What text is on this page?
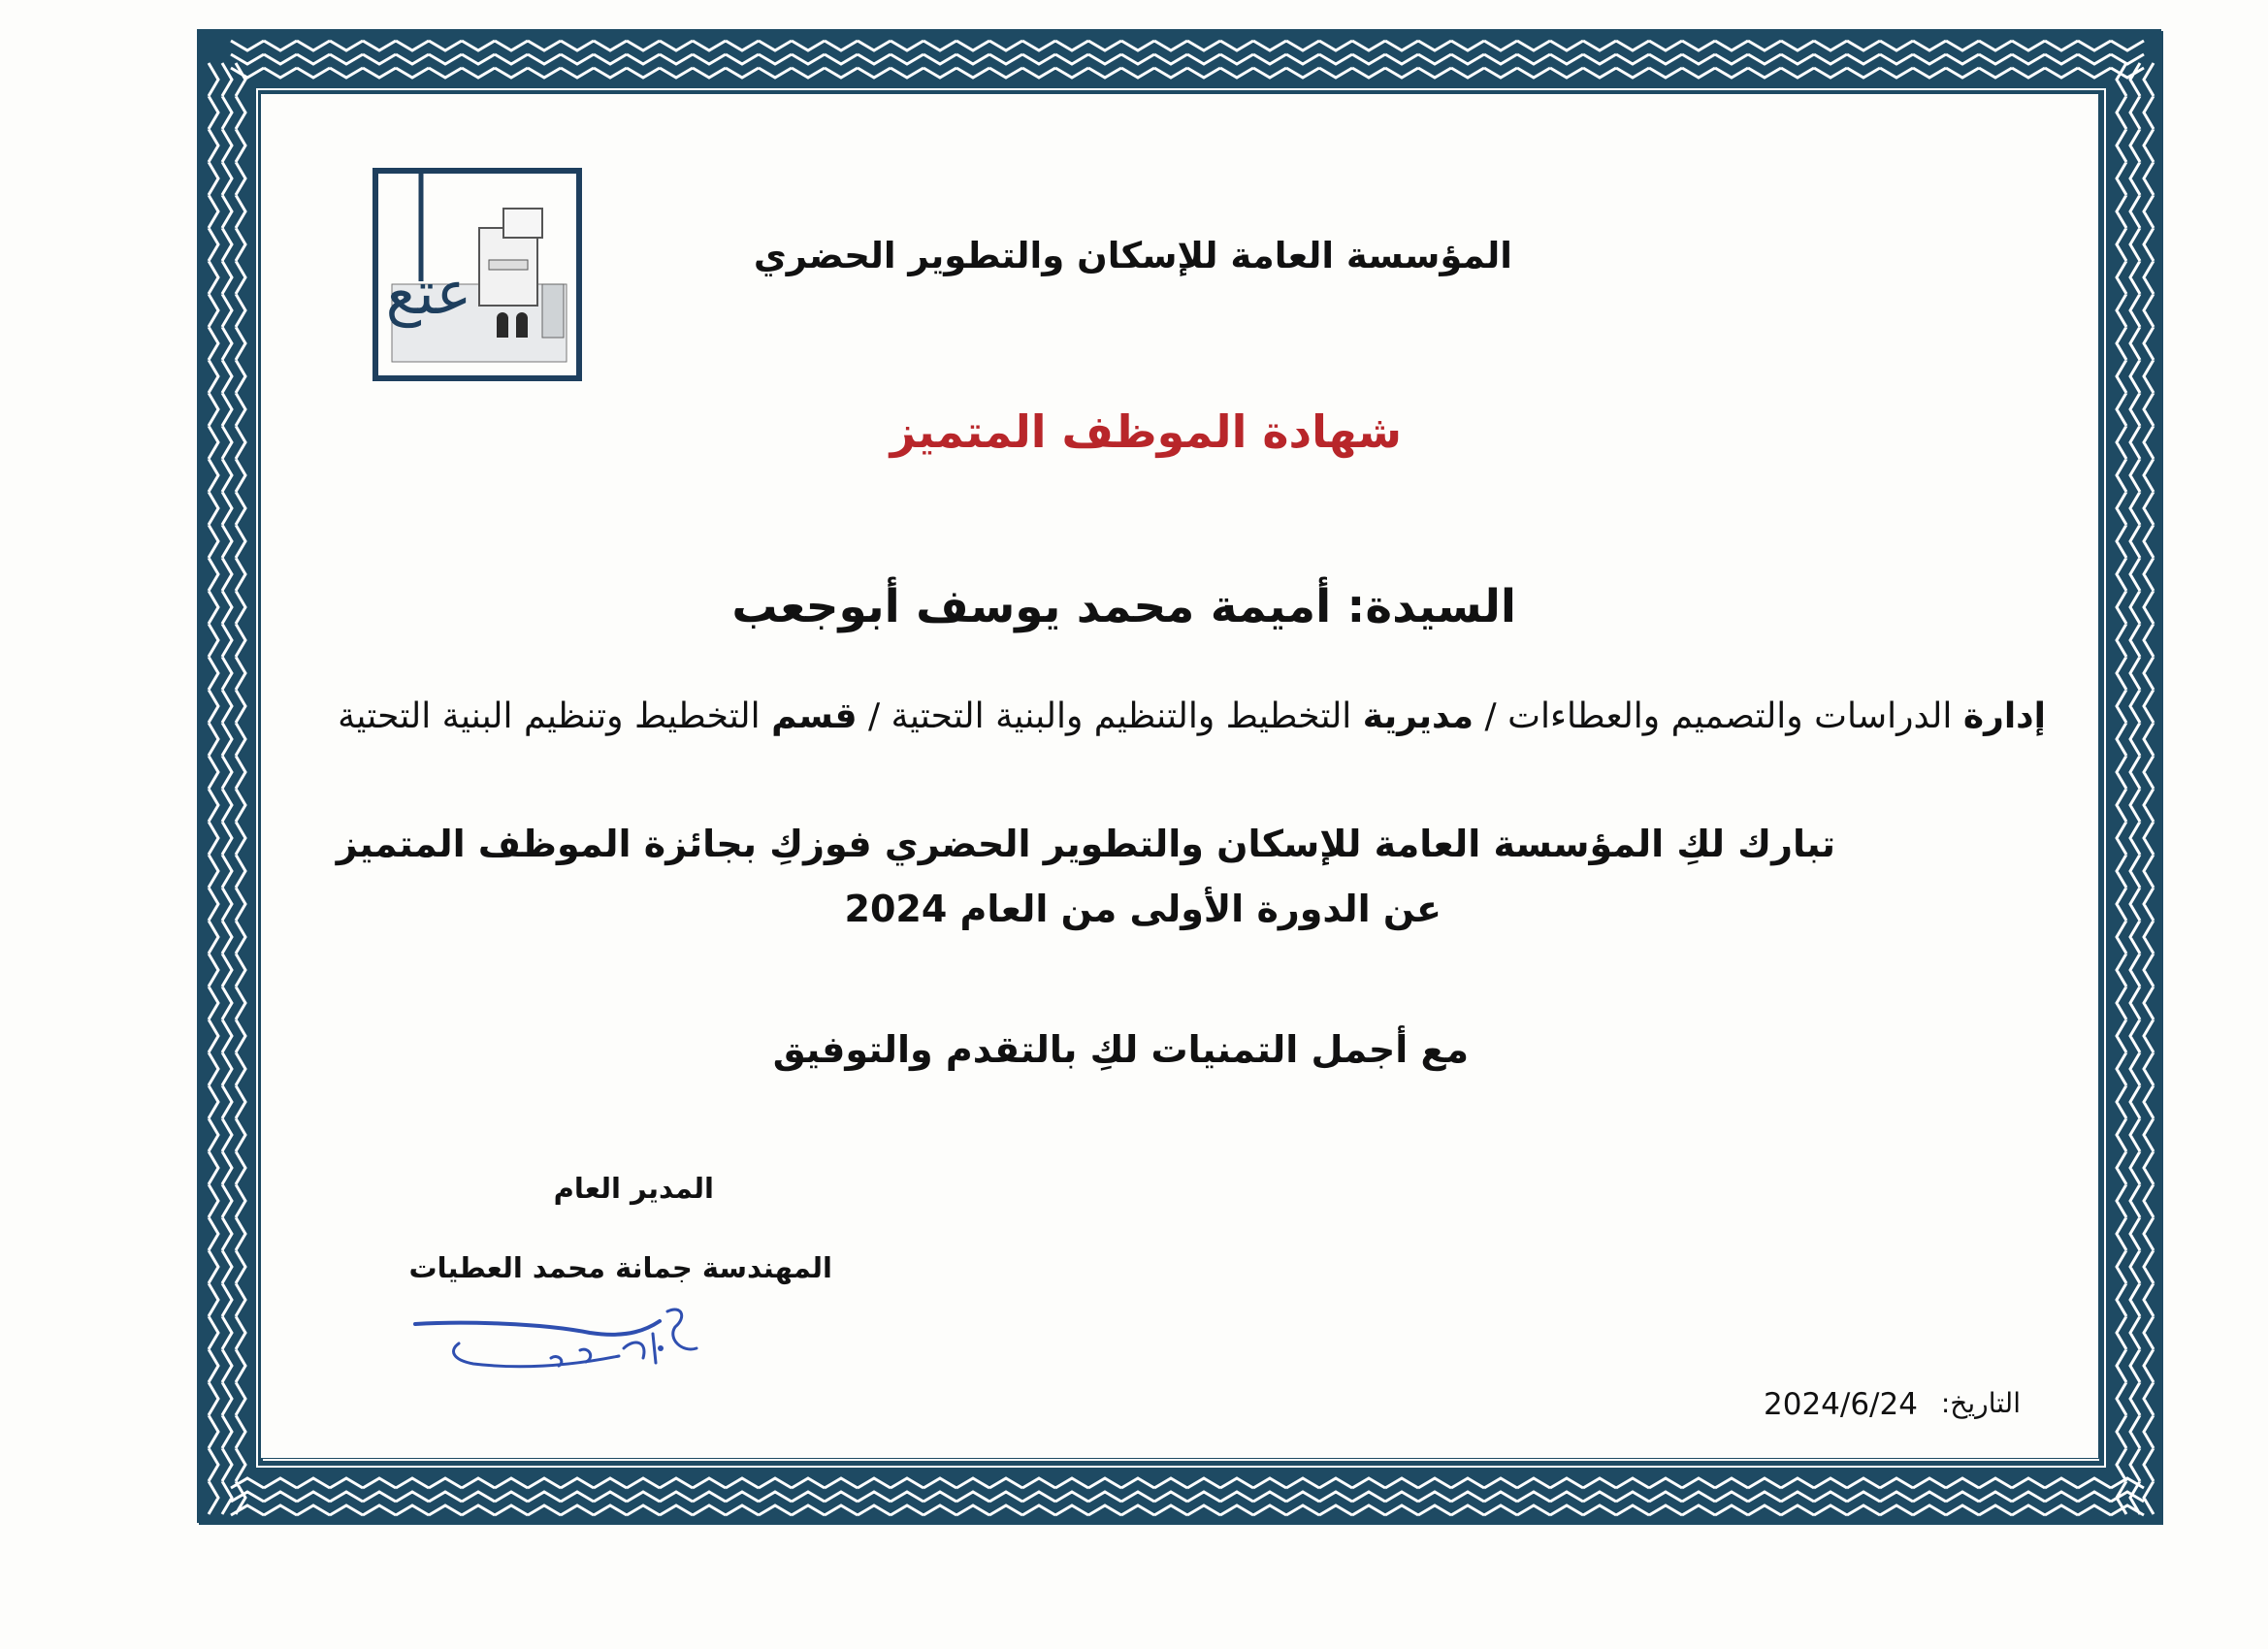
عتع
المؤسسة العامة للإسكان والتطوير الحضري
شهادة الموظف المتميز
السيدة: أميمة محمد يوسف أبوجعب
إدارة الدراسات والتصميم والعطاءات / مديرية التخطيط والتنظيم والبنية التحتية / قسم التخطيط وتنظيم البنية التحتية
تبارك لكِ المؤسسة العامة للإسكان والتطوير الحضري فوزكِ بجائزة الموظف المتميز
عن الدورة الأولى من العام 2024
مع أجمل التمنيات لكِ بالتقدم والتوفيق
المدير العام
المهندسة جمانة محمد العطيات
التاريخ:
2024/6/24
